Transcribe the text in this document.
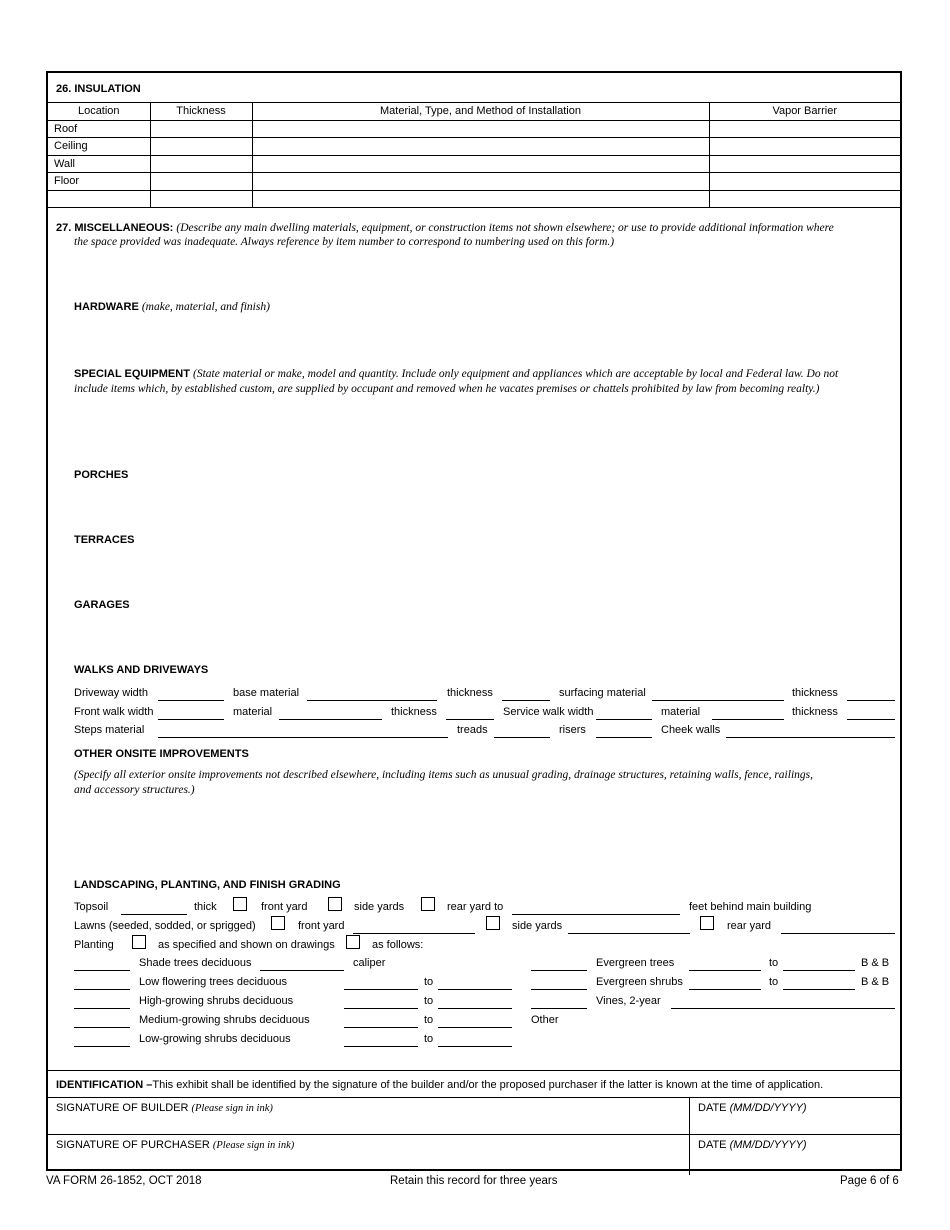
26. INSULATION
Location	Thickness	Material, Type, and Method of Installation	Vapor Barrier
Roof			
Ceiling			
Wall			
Floor			

27. MISCELLANEOUS: (Describe any main dwelling materials, equipment, or construction items not shown elsewhere; or use to provide additional information where
the space provided was inadequate. Always reference by item number to correspond to numbering used on this form.)
HARDWARE (make, material, and finish)
SPECIAL EQUIPMENT (State material or make, model and quantity. Include only equipment and appliances which are acceptable by local and Federal law. Do not
include items which, by established custom, are supplied by occupant and removed when he vacates premises or chattels prohibited by law from becoming realty.)
PORCHES
TERRACES
GARAGES
WALKS AND DRIVEWAYS
Driveway width	base material	thickness	surfacing material	thickness
Front walk width	material	thickness	Service walk width	material	thickness
Steps material	treads	risers	Cheek walls
OTHER ONSITE IMPROVEMENTS
(Specify all exterior onsite improvements not described elsewhere, including items such as unusual grading, drainage structures, retaining walls, fence, railings,
and accessory structures.)
LANDSCAPING, PLANTING, AND FINISH GRADING
Topsoil	thick	front yard	side yards	rear yard to	feet behind main building
Lawns (seeded, sodded, or sprigged)	front yard	side yards	rear yard
Planting	as specified and shown on drawings	as follows:
Shade trees deciduous	caliper	Evergreen trees	to	B & B
Low flowering trees deciduous	to	Evergreen shrubs	to	B & B
High-growing shrubs deciduous	to	Vines, 2-year
Medium-growing shrubs deciduous	to	Other
Low-growing shrubs deciduous	to
IDENTIFICATION –This exhibit shall be identified by the signature of the builder and/or the proposed purchaser if the latter is known at the time of application.
SIGNATURE OF BUILDER (Please sign in ink)	DATE (MM/DD/YYYY)
SIGNATURE OF PURCHASER (Please sign in ink)	DATE (MM/DD/YYYY)
VA FORM 26-1852, OCT 2018	Retain this record for three years	Page 6 of 6
